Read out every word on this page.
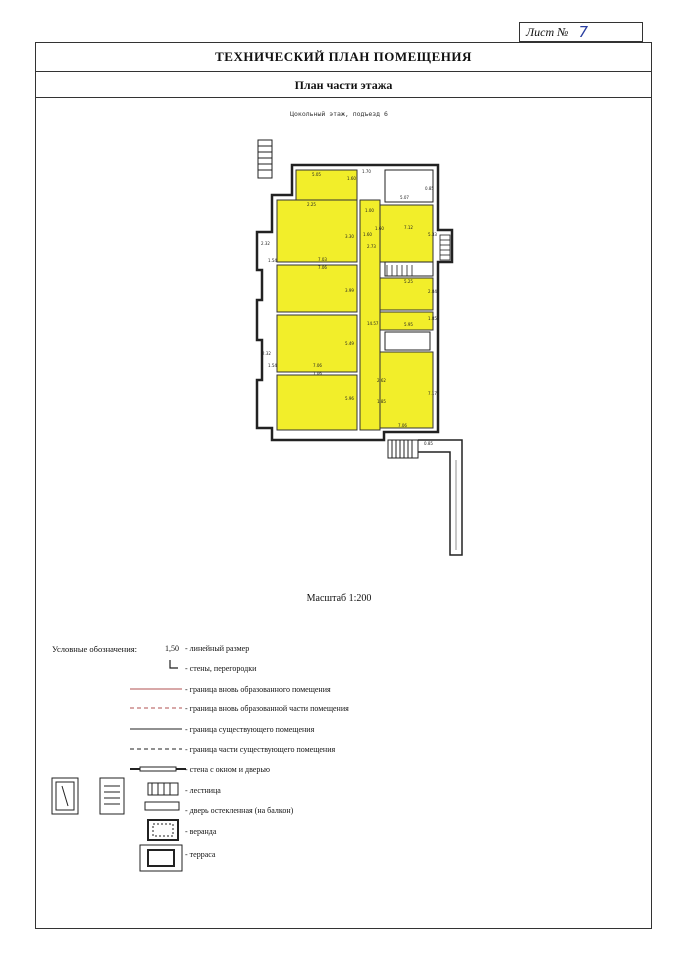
Лист № 7
ТЕХНИЧЕСКИЙ ПЛАН ПОМЕЩЕНИЯ
План части этажа
Цокольный этаж, подъезд 6
5.05
1.60
1.70
5.07
2.25
0.85
1.60	7.12
1.00
5.33
3.30 1.60
2.73
7.03
7.06
1.54
2.32
3.99
5.25
2.84
14.57	5.95
1.85
5.49
7.06
2.32
1.54
7.06
2.62
7.17
1.85
5.96
7.06
0.85
Масштаб 1:200
Условные обозначения:	1,50 - линейный размер
- стены, перегородки
- граница вновь образованного помещения
- граница вновь образованной части помещения
- граница существующего помещения
- граница части существующего помещения
- стена с окном и дверью
- лестница
- дверь остекленная (на балкон)
- веранда
- терраса
